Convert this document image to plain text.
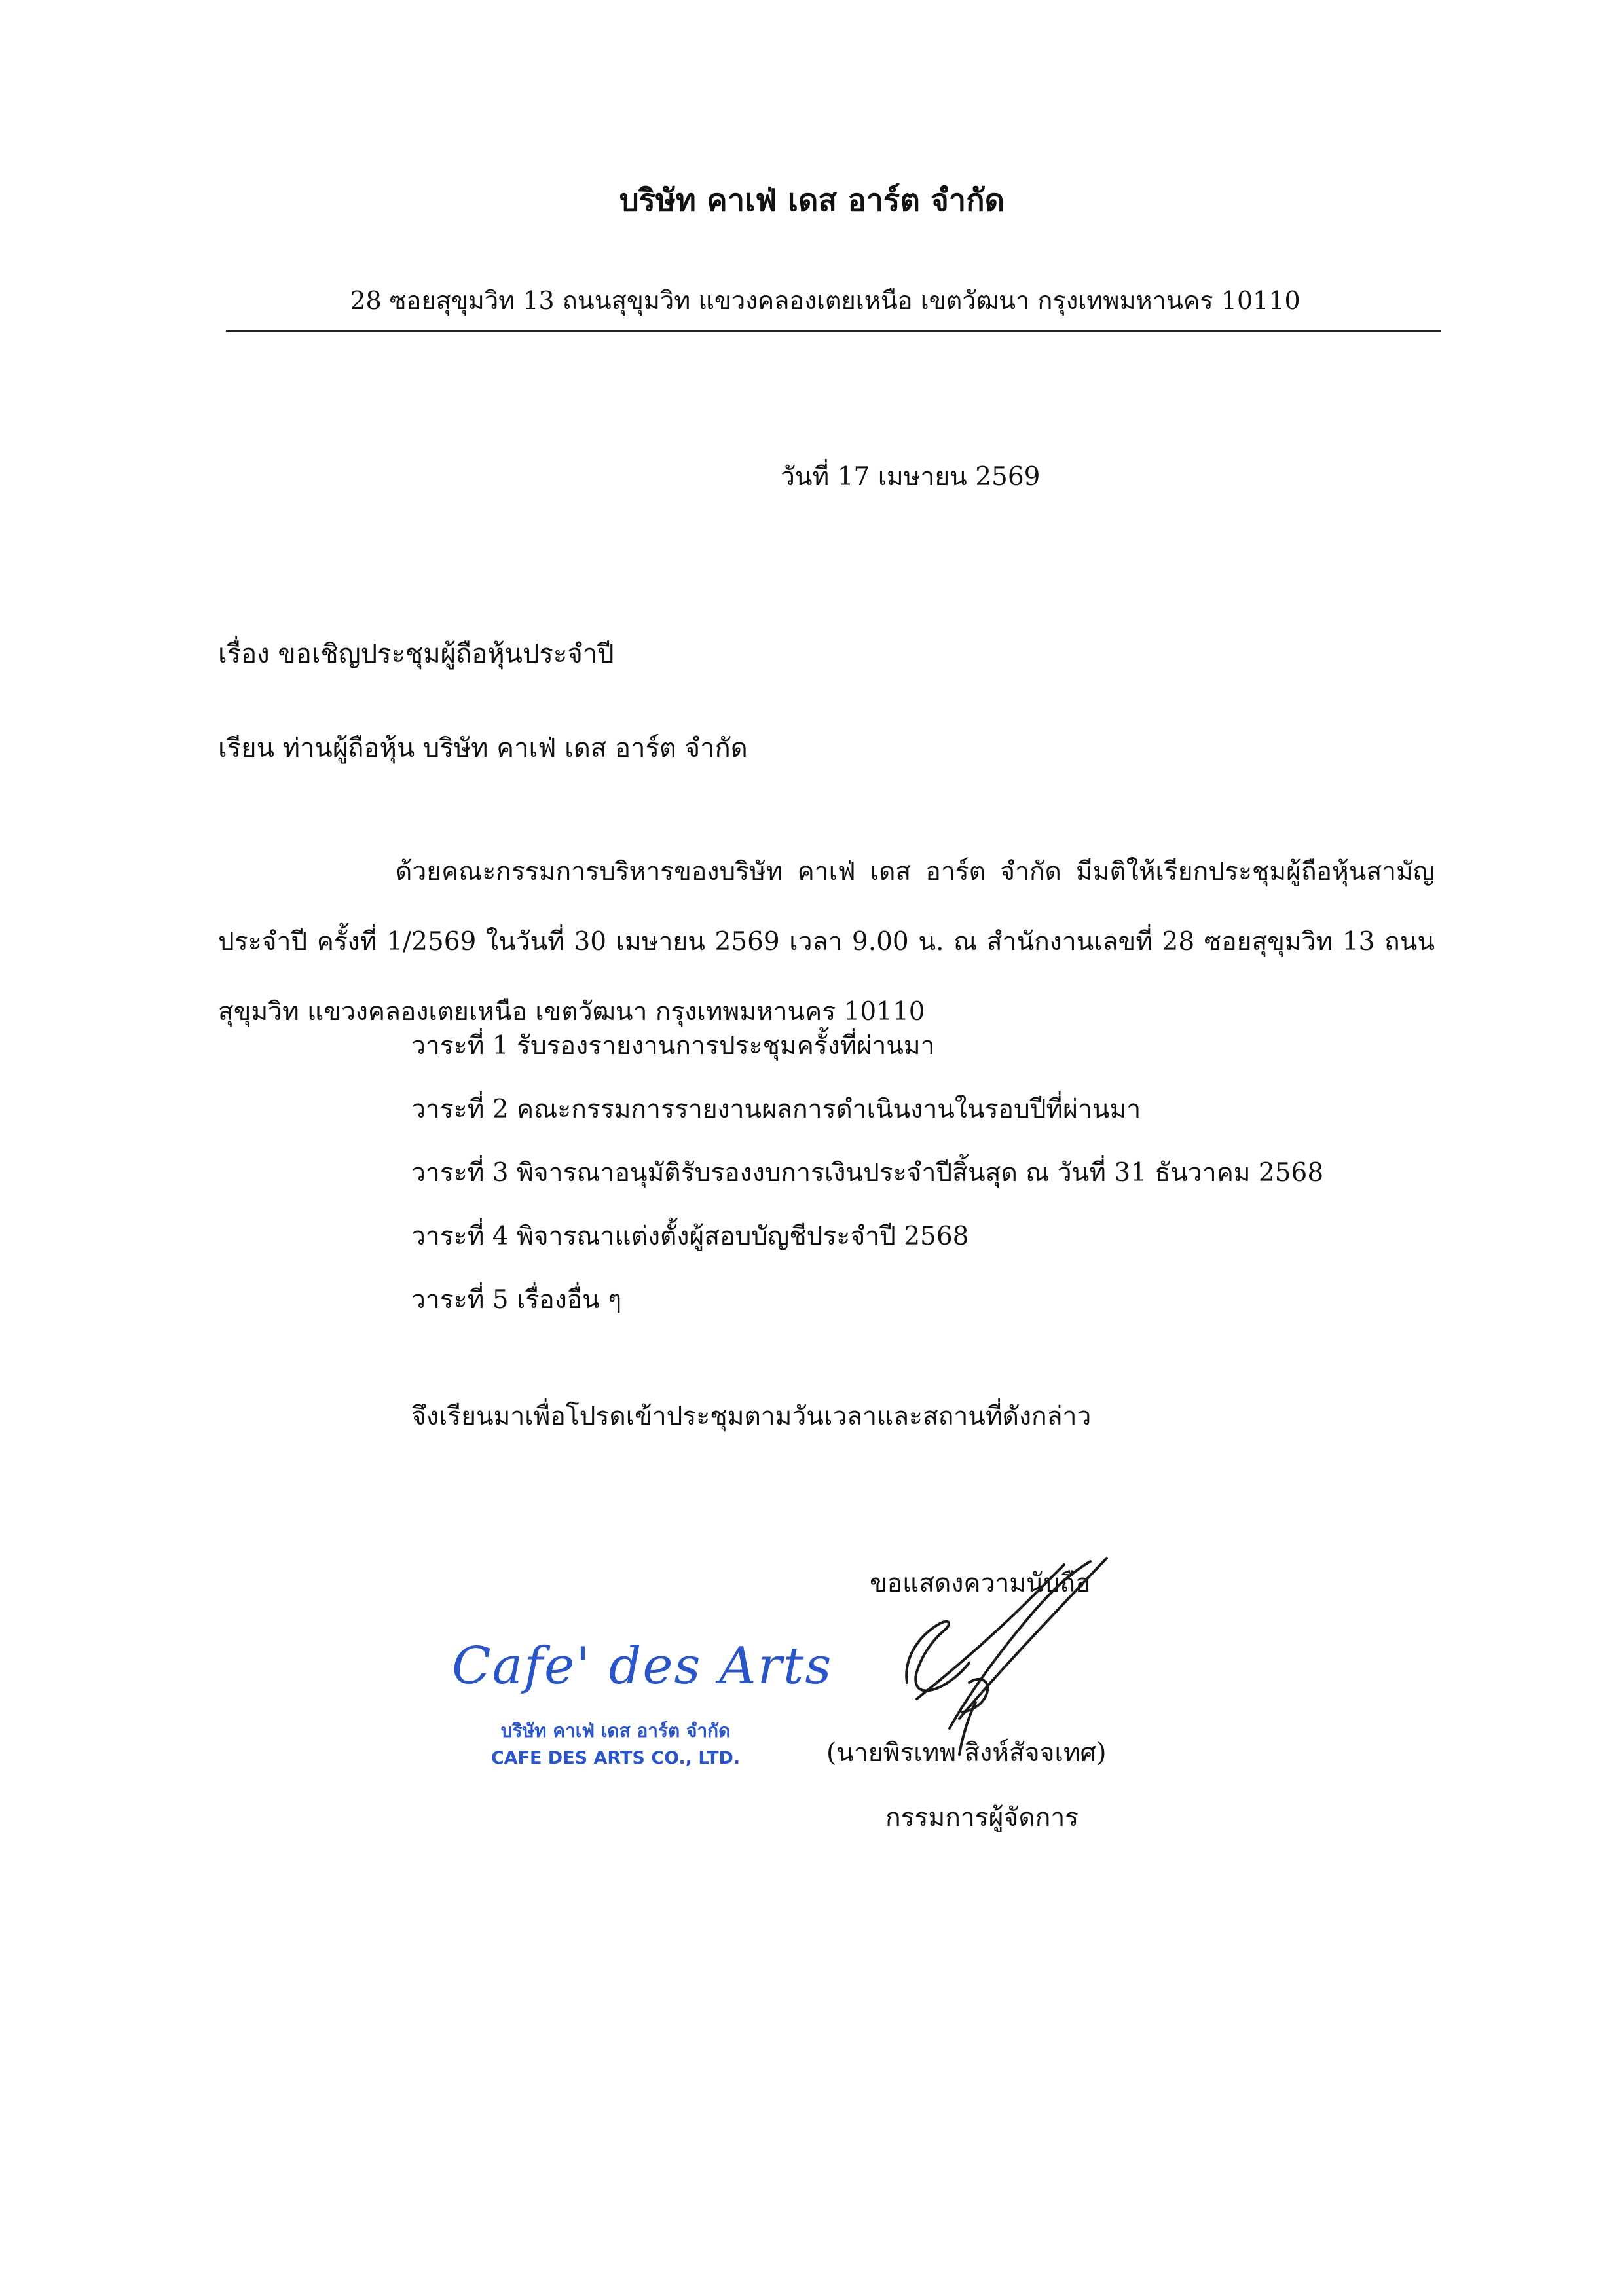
บริษัท คาเฟ่ เดส อาร์ต จำกัด
28 ซอยสุขุมวิท 13 ถนนสุขุมวิท แขวงคลองเตยเหนือ เขตวัฒนา กรุงเทพมหานคร 10110
วันที่ 17 เมษายน 2569
เรื่อง ขอเชิญประชุมผู้ถือหุ้นประจำปี
เรียน ท่านผู้ถือหุ้น บริษัท คาเฟ่ เดส อาร์ต จำกัด
ด้วยคณะกรรมการบริหารของบริษัท คาเฟ่ เดส อาร์ต จำกัด มีมติให้เรียกประชุมผู้ถือหุ้นสามัญประจำปี ครั้งที่ 1/2569 ในวันที่ 30 เมษายน 2569 เวลา 9.00 น. ณ สำนักงานเลขที่ 28 ซอยสุขุมวิท 13 ถนนสุขุมวิท แขวงคลองเตยเหนือ เขตวัฒนา กรุงเทพมหานคร 10110
วาระที่ 1 รับรองรายงานการประชุมครั้งที่ผ่านมา
วาระที่ 2 คณะกรรมการรายงานผลการดำเนินงานในรอบปีที่ผ่านมา
วาระที่ 3 พิจารณาอนุมัติรับรองงบการเงินประจำปีสิ้นสุด ณ วันที่ 31 ธันวาคม 2568
วาระที่ 4 พิจารณาแต่งตั้งผู้สอบบัญชีประจำปี 2568
วาระที่ 5 เรื่องอื่น ๆ
จึงเรียนมาเพื่อโปรดเข้าประชุมตามวันเวลาและสถานที่ดังกล่าว
ขอแสดงความนับถือ
(นายพิรเทพ สิงห์สัจจเทศ)
กรรมการผู้จัดการ
Cafe' des Arts
บริษัท คาเฟ่ เดส อาร์ต จำกัด
CAFE DES ARTS CO., LTD.
